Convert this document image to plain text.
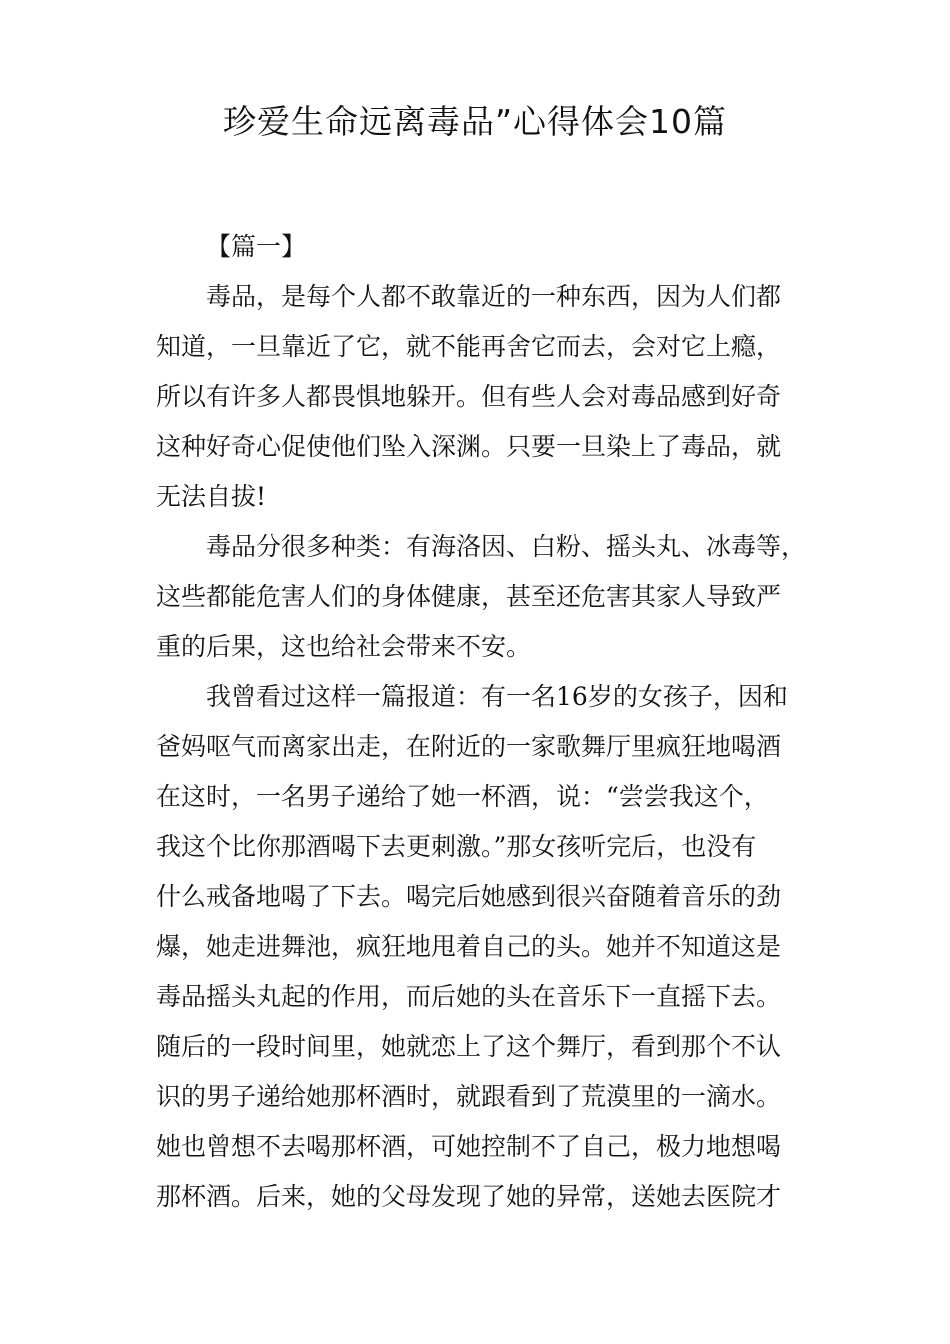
珍爱生命远离毒品”心得体会10篇
【篇一】
毒品，是每个人都不敢靠近的一种东西，因为人们都
知道，一旦靠近了它，就不能再舍它而去，会对它上瘾，
所以有许多人都畏惧地躲开。但有些人会对毒品感到好奇
这种好奇心促使他们坠入深渊。只要一旦染上了毒品，就
无法自拔!
毒品分很多种类：有海洛因、白粉、摇头丸、冰毒等，
这些都能危害人们的身体健康，甚至还危害其家人导致严
重的后果，这也给社会带来不安。
我曾看过这样一篇报道：有一名16岁的女孩子，因和
爸妈呕气而离家出走，在附近的一家歌舞厅里疯狂地喝酒
在这时，一名男子递给了她一杯酒，说：“尝尝我这个，
我这个比你那酒喝下去更刺激。”那女孩听完后，也没有
什么戒备地喝了下去。喝完后她感到很兴奋随着音乐的劲
爆，她走进舞池，疯狂地甩着自己的头。她并不知道这是
毒品摇头丸起的作用，而后她的头在音乐下一直摇下去。
随后的一段时间里，她就恋上了这个舞厅，看到那个不认
识的男子递给她那杯酒时，就跟看到了荒漠里的一滴水。
她也曾想不去喝那杯酒，可她控制不了自己，极力地想喝
那杯酒。后来，她的父母发现了她的异常，送她去医院才
